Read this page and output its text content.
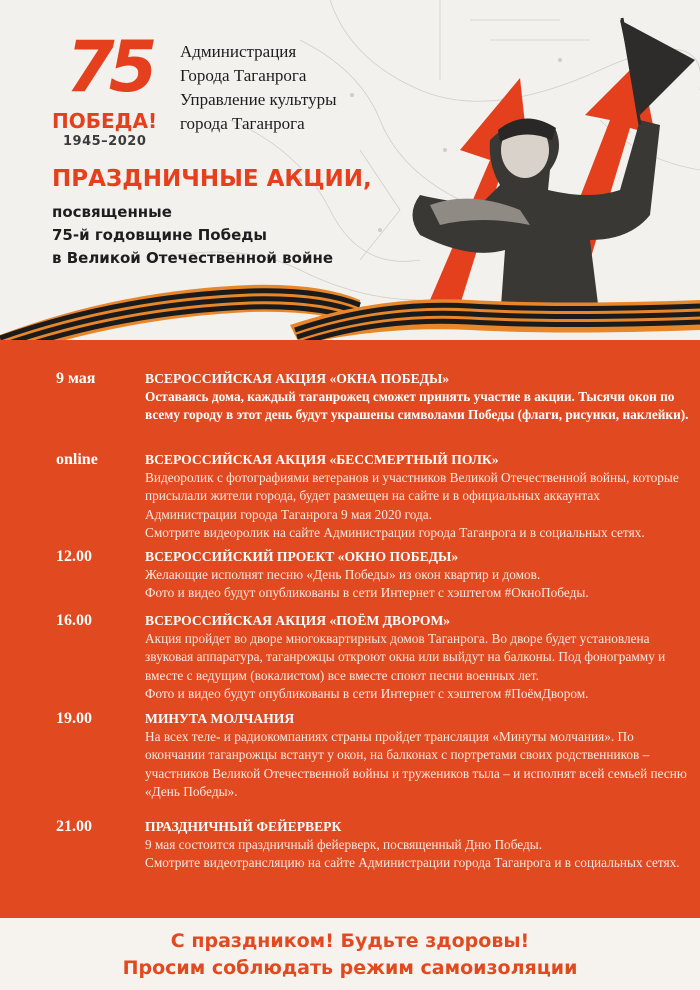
75
ПОБЕДА!
1945–2020
Администрация
Города Таганрога
Управление культуры
города Таганрога
ПРАЗДНИЧНЫЕ АКЦИИ,
посвященные
75-й годовщине Победы
в Великой Отечественной войне
9 мая	ВСЕРОССИЙСКАЯ АКЦИЯ «ОКНА ПОБЕДЫ»
Оставаясь дома, каждый таганрожец сможет принять участие в акции. Тысячи окон по всему городу в этот день будут украшены символами Победы (флаги, рисунки, наклейки).
online	ВСЕРОССИЙСКАЯ АКЦИЯ «БЕССМЕРТНЫЙ ПОЛК»
Видеоролик с фотографиями ветеранов и участников Великой Отечественной войны, которые присылали жители города, будет размещен на сайте и в официальных аккаунтах Администрации города Таганрога 9 мая 2020 года.
Смотрите видеоролик на сайте Администрации города Таганрога и в социальных сетях.
12.00	ВСЕРОССИЙСКИЙ ПРОЕКТ «ОКНО ПОБЕДЫ»
Желающие исполнят песню «День Победы» из окон квартир и домов.
Фото и видео будут опубликованы в сети Интернет с хэштегом #ОкноПобеды.
16.00	ВСЕРОССИЙСКАЯ АКЦИЯ «ПОЁМ ДВОРОМ»
Акция пройдет во дворе многоквартирных домов Таганрога. Во дворе будет установлена звуковая аппаратура, таганрожцы откроют окна или выйдут на балконы. Под фонограмму и вместе с ведущим (вокалистом) все вместе споют песни военных лет.
Фото и видео будут опубликованы в сети Интернет с хэштегом #ПоёмДвором.
19.00	МИНУТА МОЛЧАНИЯ
На всех теле- и радиокомпаниях страны пройдет трансляция «Минуты молчания». По окончании таганрожцы встанут у окон, на балконах с портретами своих родственников – участников Великой Отечественной войны и тружеников тыла – и исполнят всей семьей песню «День Победы».
21.00	ПРАЗДНИЧНЫЙ ФЕЙЕРВЕРК
9 мая состоится праздничный фейерверк, посвященный Дню Победы.
Смотрите видеотрансляцию на сайте Администрации города Таганрога и в социальных сетях.
С праздником! Будьте здоровы!
Просим соблюдать режим самоизоляции
